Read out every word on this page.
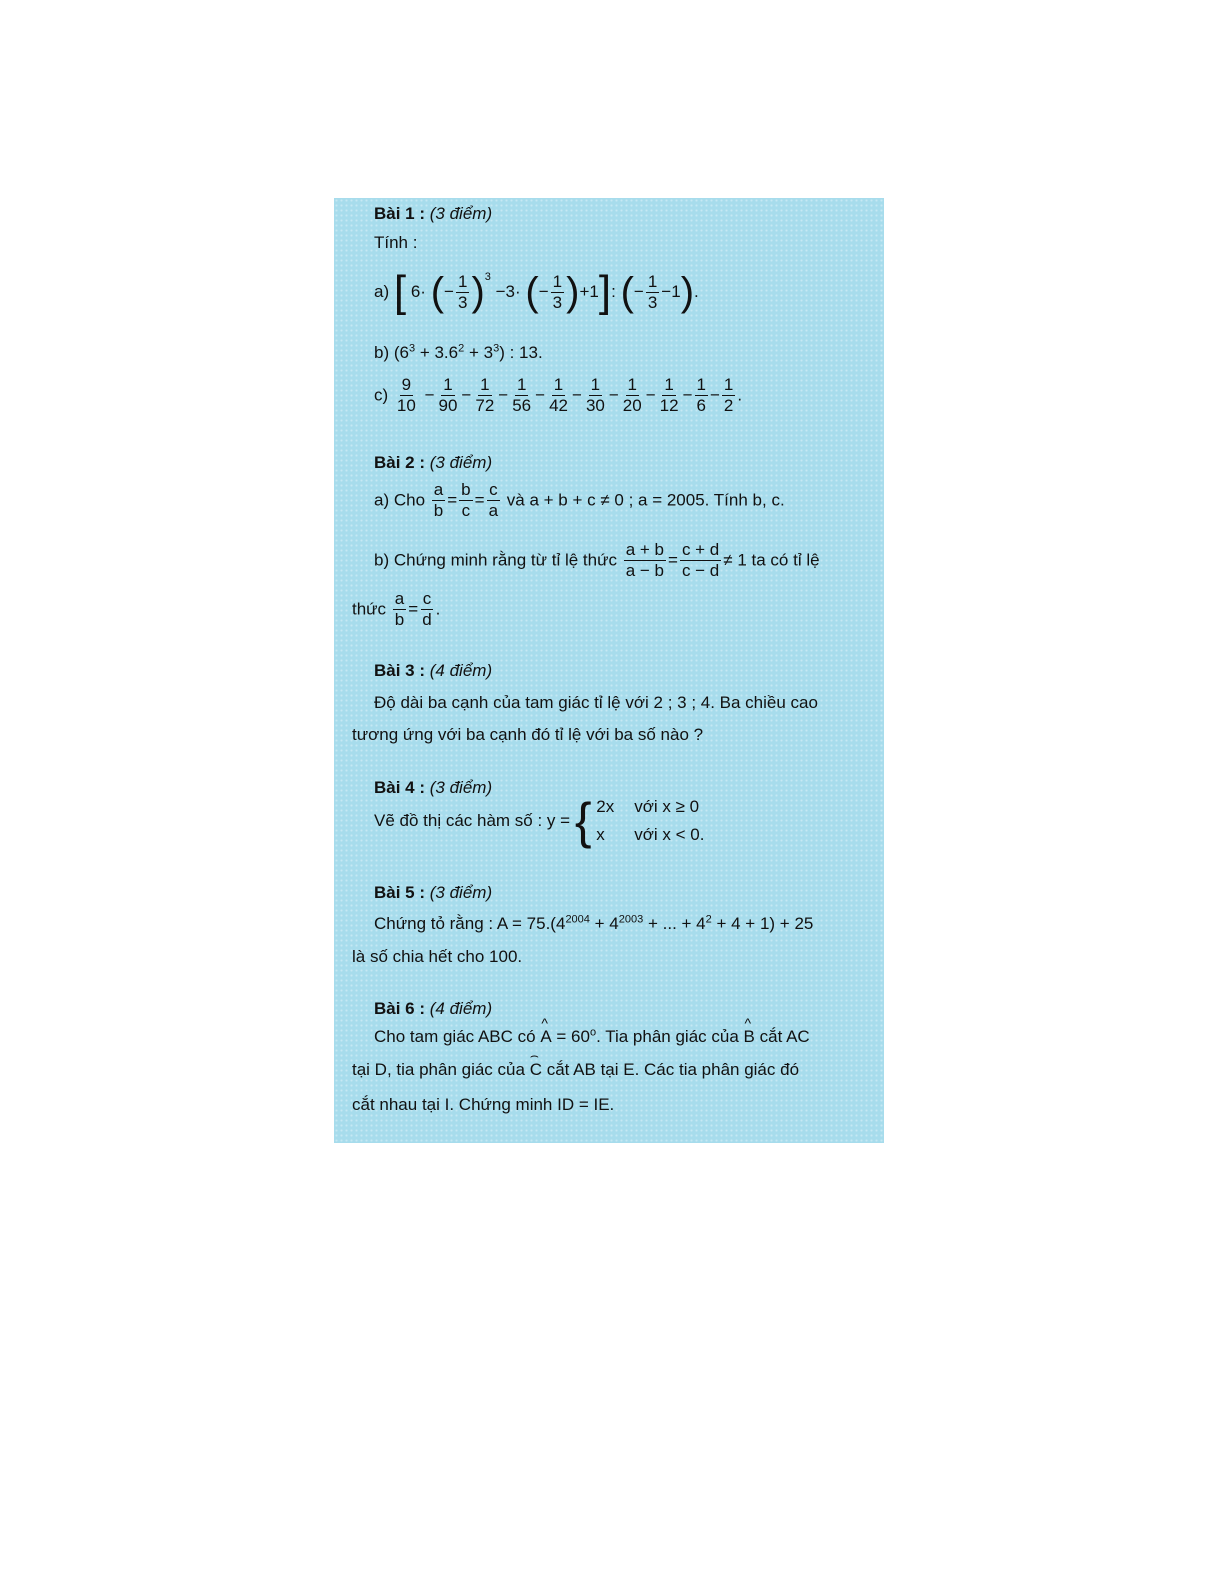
Bài 1 : (3 điểm)
Tính :
a) [ 6· (− $\frac{1}{3} )^3 -3\cdot$ (− $\frac{1}{3} )+1$]: (− $\frac{1}{3} -1$).
b) $(6^3 + 3.6^2 + 3^3)$ : 13.
$c) \frac{9}{10} - \frac{1}{90} - \frac{1}{72} - \frac{1}{56} - \frac{1}{42} - \frac{1}{30} - \frac{1}{20} - \frac{1}{12} - \frac{1}{6} - \frac{1}{2}$ .
Bài 2 : (3 điểm)
a) Cho $\frac{a}{b} = \frac{b}{c} = \frac{c}{a}$ và a + b + c ≠ 0 ; a = 2005. Tính b, c.
b) Chứng minh rằng từ tỉ lệ thức $\frac{a + b}{a - b} = \frac{c + d}{c - d} \ne 1$ ta có tỉ lệ
thức $\frac{a}{b} = \frac{c}{d}$ .
Bài 3 : (4 điểm)
Độ dài ba cạnh của tam giác tỉ lệ với 2 ; 3 ; 4. Ba chiều cao
tương ứng với ba cạnh đó tỉ lệ với ba số nào ?
Bài 4 : (3 điểm)
Vẽ đồ thị các hàm số : y = { 2x với x ≥ 0
x	với x < 0.
Bài 5 : (3 điểm)
Chứng tỏ rằng : $A = 75.(4^{2004} + 4^{2003}$ + ... + $4^2 + 4 + 1) + 25$
là số chia hết cho 100.
Bài 6 : (4 điểm)
Cho tam giác ABC có ^ $A = 60^o$. Tia phân giác của ^ B cắt AC
tại D, tia phân giác của ⌢ C cắt AB tại E. Các tia phân giác đó
cắt nhau tại I. Chứng minh ID = IE.
